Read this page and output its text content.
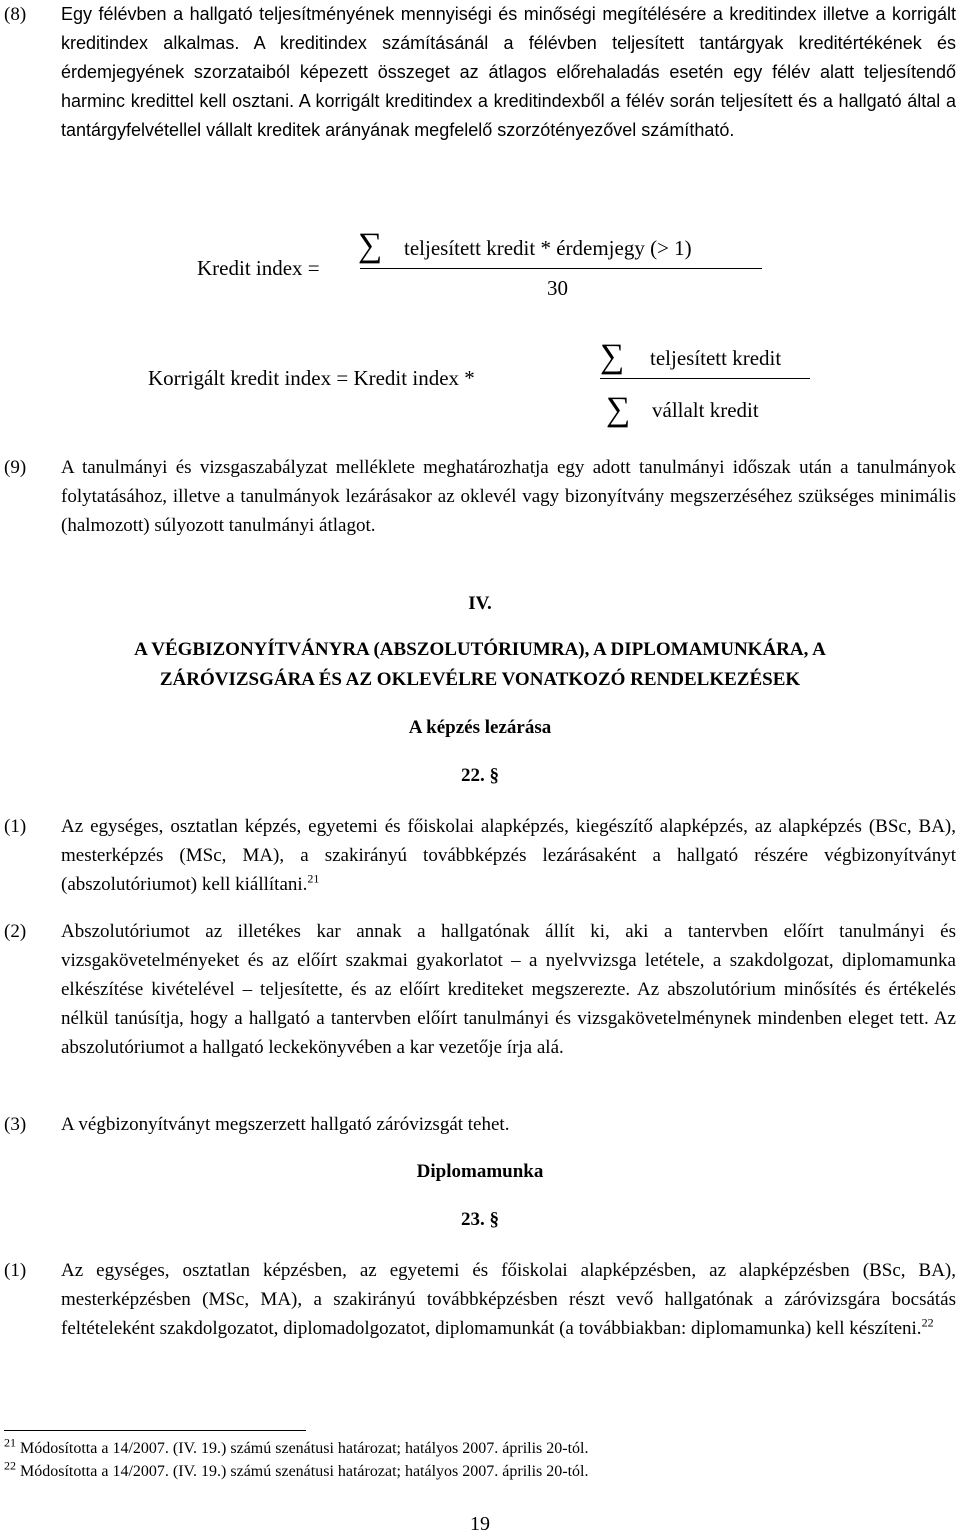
(8) Egy félévben a hallgató teljesítményének mennyiségi és minőségi megítélésére a kreditindex illetve a korrigált kreditindex alkalmas. A kreditindex számításánál a félévben teljesített tantárgyak kreditértékének és érdemjegyének szorzataiból képezett összeget az átlagos előrehaladás esetén egy félév alatt teljesítendő harminc kredittel kell osztani. A korrigált kreditindex a kreditindexből a félév során teljesített és a hallgató által a tantárgyfelvétellel vállalt kreditek arányának megfelelő szorzótényezővel számítható.
Kredit index =
∑ teljesített kredit * érdemjegy (> 1)
30
Korrigált kredit index = Kredit index *
∑ teljesített kredit
∑ vállalt kredit
(9) A tanulmányi és vizsgaszabályzat melléklete meghatározhatja egy adott tanulmányi időszak után a tanulmányok folytatásához, illetve a tanulmányok lezárásakor az oklevél vagy bizonyítvány megszerzéséhez szükséges minimális (halmozott) súlyozott tanulmányi átlagot.
IV.
A VÉGBIZONYÍTVÁNYRA (ABSZOLUTÓRIUMRA), A DIPLOMAMUNKÁRA, A
ZÁRÓVIZSGÁRA ÉS AZ OKLEVÉLRE VONATKOZÓ RENDELKEZÉSEK
A képzés lezárása
22. §
(1) Az egységes, osztatlan képzés, egyetemi és főiskolai alapképzés, kiegészítő alapképzés, az alapképzés (BSc, BA), mesterképzés (MSc, MA), a szakirányú továbbképzés lezárásaként a hallgató részére végbizonyítványt (abszolutóriumot) kell kiállítani.$^{21}$
(2) Abszolutóriumot az illetékes kar annak a hallgatónak állít ki, aki a tantervben előírt tanulmányi és vizsgakövetelményeket és az előírt szakmai gyakorlatot – a nyelvvizsga letétele, a szakdolgozat, diplomamunka elkészítése kivételével – teljesítette, és az előírt krediteket megszerezte. Az abszolutórium minősítés és értékelés nélkül tanúsítja, hogy a hallgató a tantervben előírt tanulmányi és vizsgakövetelménynek mindenben eleget tett. Az abszolutóriumot a hallgató leckekönyvében a kar vezetője írja alá.
(3) A végbizonyítványt megszerzett hallgató záróvizsgát tehet.
Diplomamunka
23. §
(1) Az egységes, osztatlan képzésben, az egyetemi és főiskolai alapképzésben, az alapképzésben (BSc, BA), mesterképzésben (MSc, MA), a szakirányú továbbképzésben részt vevő hallgatónak a záróvizsgára bocsátás feltételeként szakdolgozatot, diplomadolgozatot, diplomamunkát (a továbbiakban: diplomamunka) kell készíteni.$^{22}$
$^{21}$ Módosította a 14/2007. (IV. 19.) számú szenátusi határozat; hatályos 2007. április 20-tól.
$^{22}$ Módosította a 14/2007. (IV. 19.) számú szenátusi határozat; hatályos 2007. április 20-tól.
19
